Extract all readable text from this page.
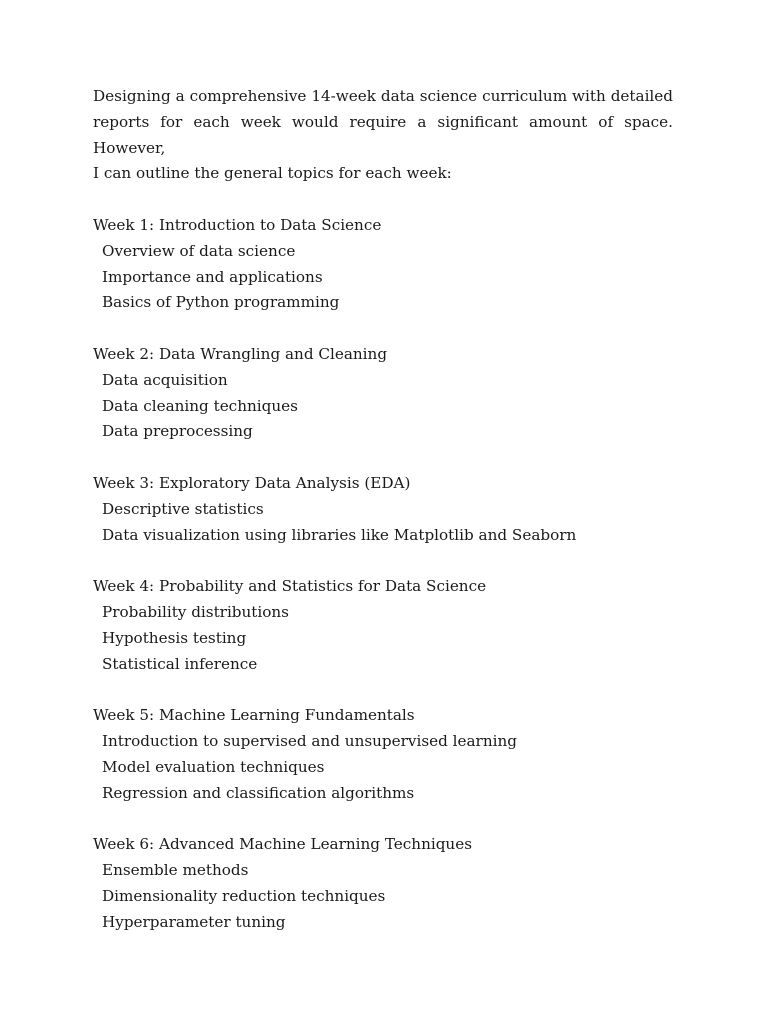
Designing a comprehensive 14-week data science curriculum with detailed
reports for each week would require a significant amount of space. However,
I can outline the general topics for each week:

Week 1: Introduction to Data Science

Overview of data science

Importance and applications

Basics of Python programming

Week 2: Data Wrangling and Cleaning

Data acquisition

Data cleaning techniques

Data preprocessing

Week 3: Exploratory Data Analysis (EDA)

Descriptive statistics

Data visualization using libraries like Matplotlib and Seaborn

Week 4: Probability and Statistics for Data Science

Probability distributions

Hypothesis testing

Statistical inference

Week 5: Machine Learning Fundamentals

Introduction to supervised and unsupervised learning

Model evaluation techniques

Regression and classification algorithms

Week 6: Advanced Machine Learning Techniques

Ensemble methods

Dimensionality reduction techniques

Hyperparameter tuning
